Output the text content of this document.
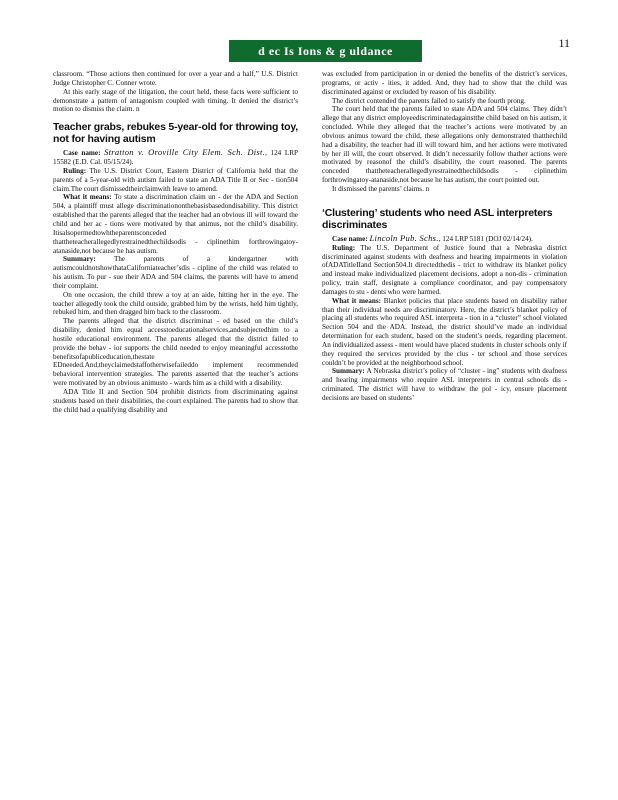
d ec Is Ions & g uldance
11

classroom. “Those actions then continued for over a year and a half,” U.S. District Judge Christopher C. Conner wrote.

At this early stage of the litigation, the court held, these facts were sufficient to demonstrate a pattern of antagonism coupled with timing. It denied the district’s motion to dismiss the claim. n

Teacher grabs, rebukes 5-year-old for throwing toy, not for having autism

Case name: Stratton v. Oroville City Elem. Sch. Dist., 124 LRP 15582 (E.D. Cal. 05/15/24).

Ruling: The U.S. District Court, Eastern District of California held that the parents of a 5-year-old with autism failed to state an ADA Title II or Sec - tion504 claim.The court dismissedtheirclaimwith leave to amend.

What it means: To state a discrimination claim un - der the ADA and Section 504, a plaintiff must allege discriminationonthebasisbasedondisability. This district established that the parents alleged that the teacher had an obvious ill will toward the child and her ac - tions were motivated by that animus, not the child’s disability. Itisalsopermedtowhtheparentsconceded thattheteacherallegedlyrestrainedthechildsodis - ciplinethim forthrowingatoy-atanaside,not because he has autism.

Summary:	The parents of a kindergartner with autismcouldnotshowthataCaliforniateacher’sdis - cipline of the child was related to his autism. To pur - sue their ADA and 504 claims, the parents will have to amend their complaint.

On one occasion, the child threw a toy at an aide, hitting her in the eye. The teacher allegedly took the child outside, grabbed him by the wrists, held him tightly, rebuked him, and then dragged him back to the classroom.

The parents alleged that the district discriminat - ed based on the child’s disability, denied him equal accesstoeducationalservices,andsubjectedhim to a hostile educational environment. The parents alleged that the district failed to provide the behav - ior supports the child needed to enjoy meaningful accesstothe benefitsofapubliceducation,thestate EDneeded.And,theyclaimedstaffotherwisefaileddo implement recommended behavioral intervention strategies. The parents asserted that the teacher’s actions were motivated by an obvious animusto - wards him as a child with a disability.

ADA Title II and Section 504 prohibit districts from discriminating against students based on their disabilities, the court explained. The parents had to show that the child had a qualifying disability and

was excluded from participation in or denied the benefits of the district’s services, programs, or activ - ities, it added. And, they had to show that the child was discriminated against or excluded by reason of his disability.

The district contended the parents failed to satisfy the fourth prong.

The court held that the parents failed to state ADA and 504 claims. They didn’t allege that any district employeediscriminatedagainstthe child based on his autism, it concluded. While they alleged that the teacher’s actions were motivated by an obvious animus toward the child, these allegations only demonstrated thatthechild had a disability, the teacher had ill will toward him, and her actions were motivated by her ill will, the court observed. It didn’t necessarily follow thather actions were motivated by reasonof the child’s disability, the court reasoned. The parents conceded thattheteacherallegedlyrestrainedthechildsodis - ciplinethim forthrowingatoy-atanaside,not because he has autism, the court pointed out.

It dismissed the parents’ claims. n

‘Clustering’ students who need ASL interpreters discriminates

Case name: Lincoln Pub. Schs., 124 LRP 5181 (DOJ 02/14/24).

Ruling: The U.S. Department of Justice found that a Nebraska district discriminated against students with deafness and hearing impairments in violation ofADATitleIIand Section504.It directedthedis - trict to withdraw its blanket policy and instead make individualized placement decisions, adopt a non-dis - crimination policy, train staff, designate a compliance coordinator, and pay compensatory damages to stu - dents who were harmed.

What it means: Blanket policies that place students based on disability rather than their individual needs are discriminatory. Here, the district’s blanket policy of placing all students who required ASL interpreta - tion in a “cluster” school violated Section 504 and the ADA. Instead, the district should’ve made an individual determination for each student, based on the student’s needs, regarding placement. An individualized assess - ment would have placed students in cluster schools only if they required the services provided by the clus - ter school and those services couldn’t be provided at the neighborhood school.

Summary: A Nebraska district’s policy of “cluster - ing” students with deafness and hearing impairments who require ASL interpreters in central schools dis - criminated. The district will have to withdraw the pol - icy, ensure placement decisions are based on students’
